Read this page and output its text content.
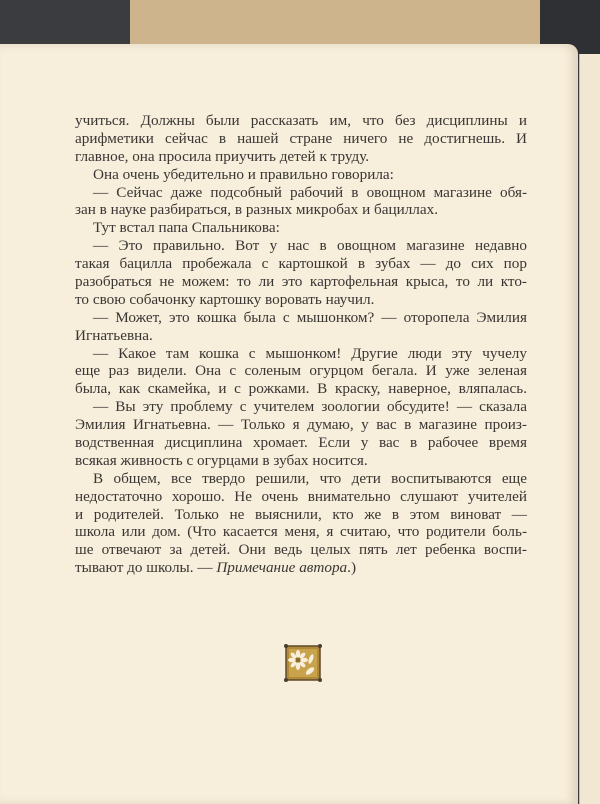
учиться. Должны были рассказать им, что без дисциплины и
арифметики сейчас в нашей стране ничего не достигнешь. И
главное, она просила приучить детей к труду.
Она очень убедительно и правильно говорила:
— Сейчас даже подсобный рабочий в овощном магазине обя-
зан в науке разбираться, в разных микробах и бациллах.
Тут встал папа Спальникова:
— Это правильно. Вот у нас в овощном магазине недавно
такая бацилла пробежала с картошкой в зубах — до сих пор
разобраться не можем: то ли это картофельная крыса, то ли кто-
то свою собачонку картошку воровать научил.
— Может, это кошка была с мышонком? — оторопела Эмилия
Игнатьевна.
— Какое там кошка с мышонком! Другие люди эту чучелу
еще раз видели. Она с соленым огурцом бегала. И уже зеленая
была, как скамейка, и с рожками. В краску, наверное, вляпалась.
— Вы эту проблему с учителем зоологии обсудите! — сказала
Эмилия Игнатьевна. — Только я думаю, у вас в магазине произ-
водственная дисциплина хромает. Если у вас в рабочее время
всякая живность с огурцами в зубах носится.
В общем, все твердо решили, что дети воспитываются еще
недостаточно хорошо. Не очень внимательно слушают учителей
и родителей. Только не выяснили, кто же в этом виноват —
школа или дом. (Что касается меня, я считаю, что родители боль-
ше отвечают за детей. Они ведь целых пять лет ребенка воспи-
тывают до школы. — Примечание автора.)
